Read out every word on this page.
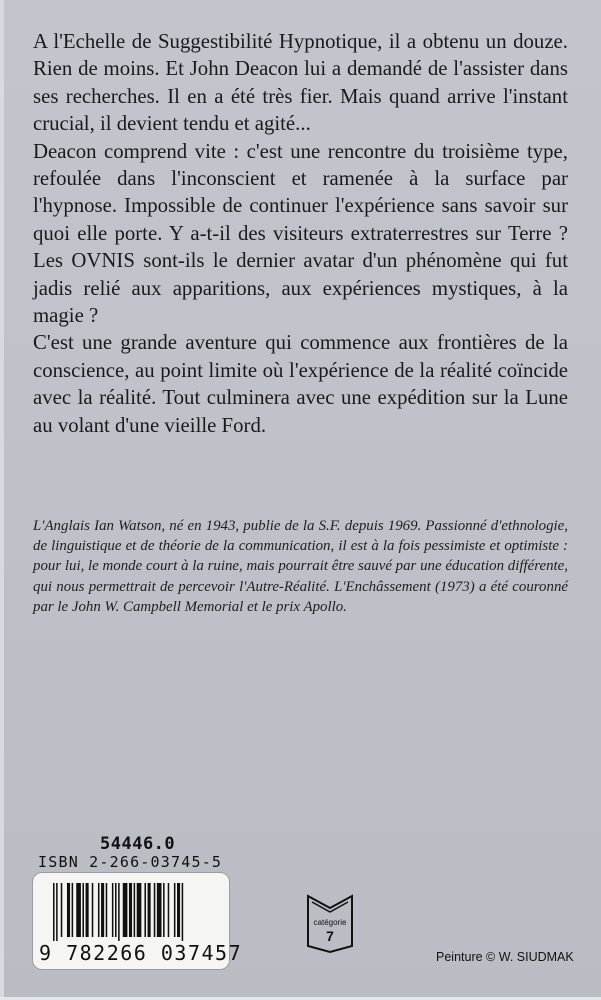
A l'Echelle de Suggestibilité Hypnotique, il a obtenu un douze. Rien de moins. Et John Deacon lui a demandé de l'assister dans ses recherches. Il en a été très fier. Mais quand arrive l'instant crucial, il devient tendu et agité...

Deacon comprend vite : c'est une rencontre du troisième type, refoulée dans l'inconscient et ramenée à la surface par l'hypnose. Impossible de continuer l'expérience sans savoir sur quoi elle porte. Y a-t-il des visiteurs extraterrestres sur Terre ? Les OVNIS sont-ils le dernier avatar d'un phénomène qui fut jadis relié aux apparitions, aux expériences mystiques, à la magie ?

C'est une grande aventure qui commence aux frontières de la conscience, au point limite où l'expérience de la réalité coïncide avec la réalité. Tout culminera avec une expédition sur la Lune au volant d'une vieille Ford.

L'Anglais Ian Watson, né en 1943, publie de la S.F. depuis 1969. Passionné d'ethnologie, de linguistique et de théorie de la communication, il est à la fois pessimiste et optimiste : pour lui, le monde court à la ruine, mais pourrait être sauvé par une éducation différente, qui nous permettrait de percevoir l'Autre-Réalité. L'Enchâssement (1973) a été couronné par le John W. Campbell Memorial et le prix Apollo.

54446.0
ISBN 2-266-03745-5
9 782266 037457
catégorie
7
Peinture © W. SIUDMAK
